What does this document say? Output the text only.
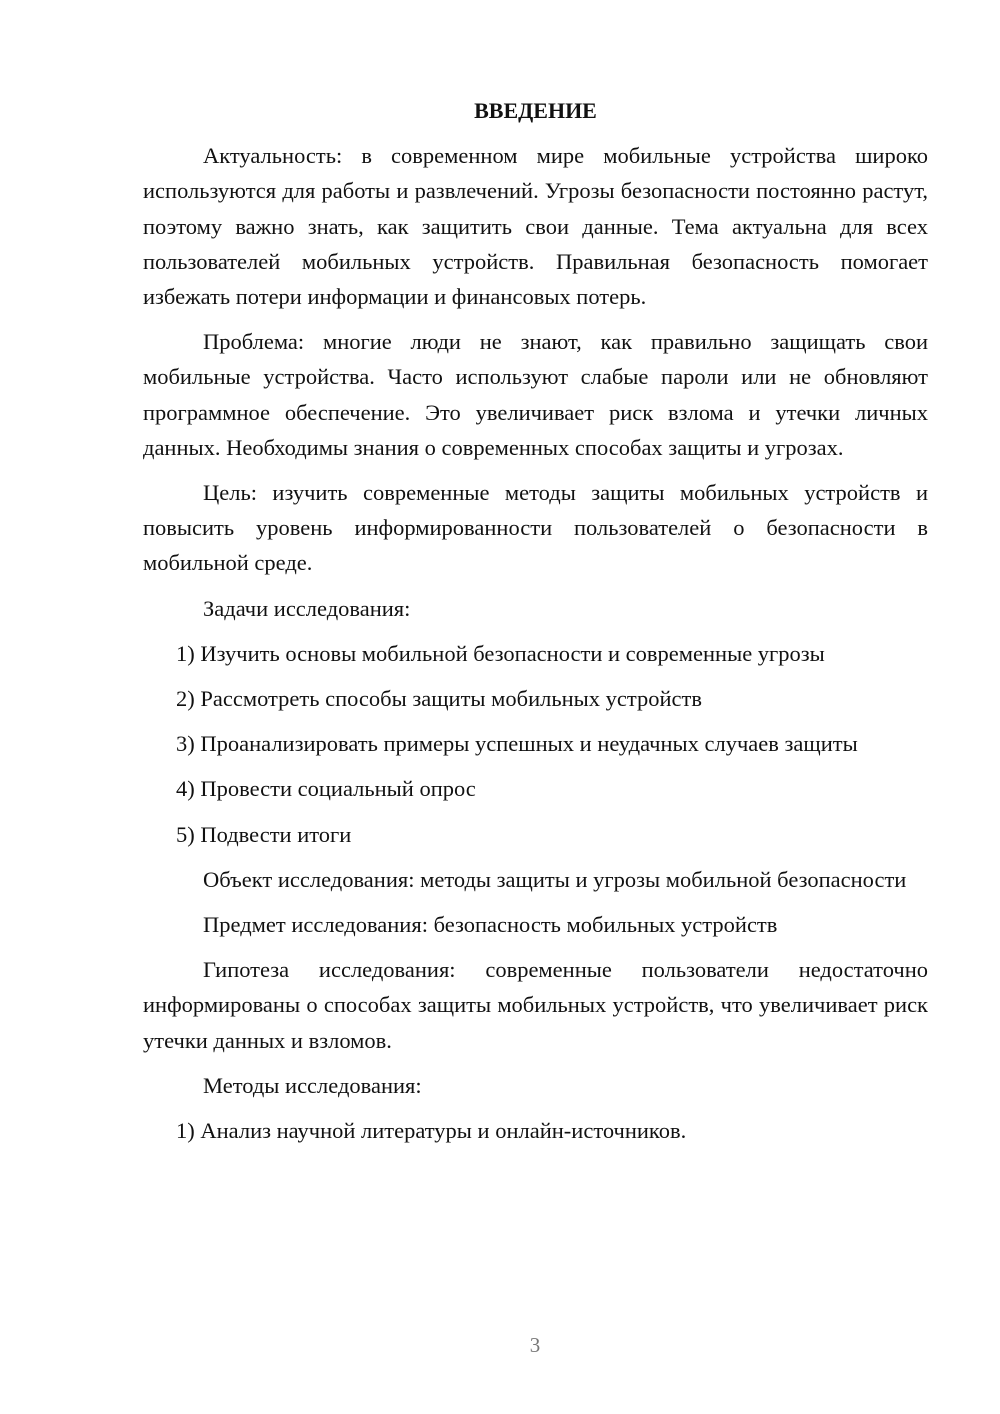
ВВЕДЕНИЕ

Актуальность: в современном мире мобильные устройства широко используются для работы и развлечений. Угрозы безопасности постоянно растут, поэтому важно знать, как защитить свои данные. Тема актуальна для всех пользователей мобильных устройств. Правильная безопасность помогает избежать потери информации и финансовых потерь.

Проблема: многие люди не знают, как правильно защищать свои мобильные устройства. Часто используют слабые пароли или не обновляют программное обеспечение. Это увеличивает риск взлома и утечки личных данных. Необходимы знания о современных способах защиты и угрозах.

Цель: изучить современные методы защиты мобильных устройств и повысить уровень информированности пользователей о безопасности в мобильной среде.

Задачи исследования:

1) Изучить основы мобильной безопасности и современные угрозы

2) Рассмотреть способы защиты мобильных устройств

3) Проанализировать примеры успешных и неудачных случаев защиты

4) Провести социальный опрос

5) Подвести итоги

Объект исследования: методы защиты и угрозы мобильной безопасности

Предмет исследования: безопасность мобильных устройств

Гипотеза исследования: современные пользователи недостаточно информированы о способах защиты мобильных устройств, что увеличивает риск утечки данных и взломов.

Методы исследования:

1) Анализ научной литературы и онлайн-источников.

3
